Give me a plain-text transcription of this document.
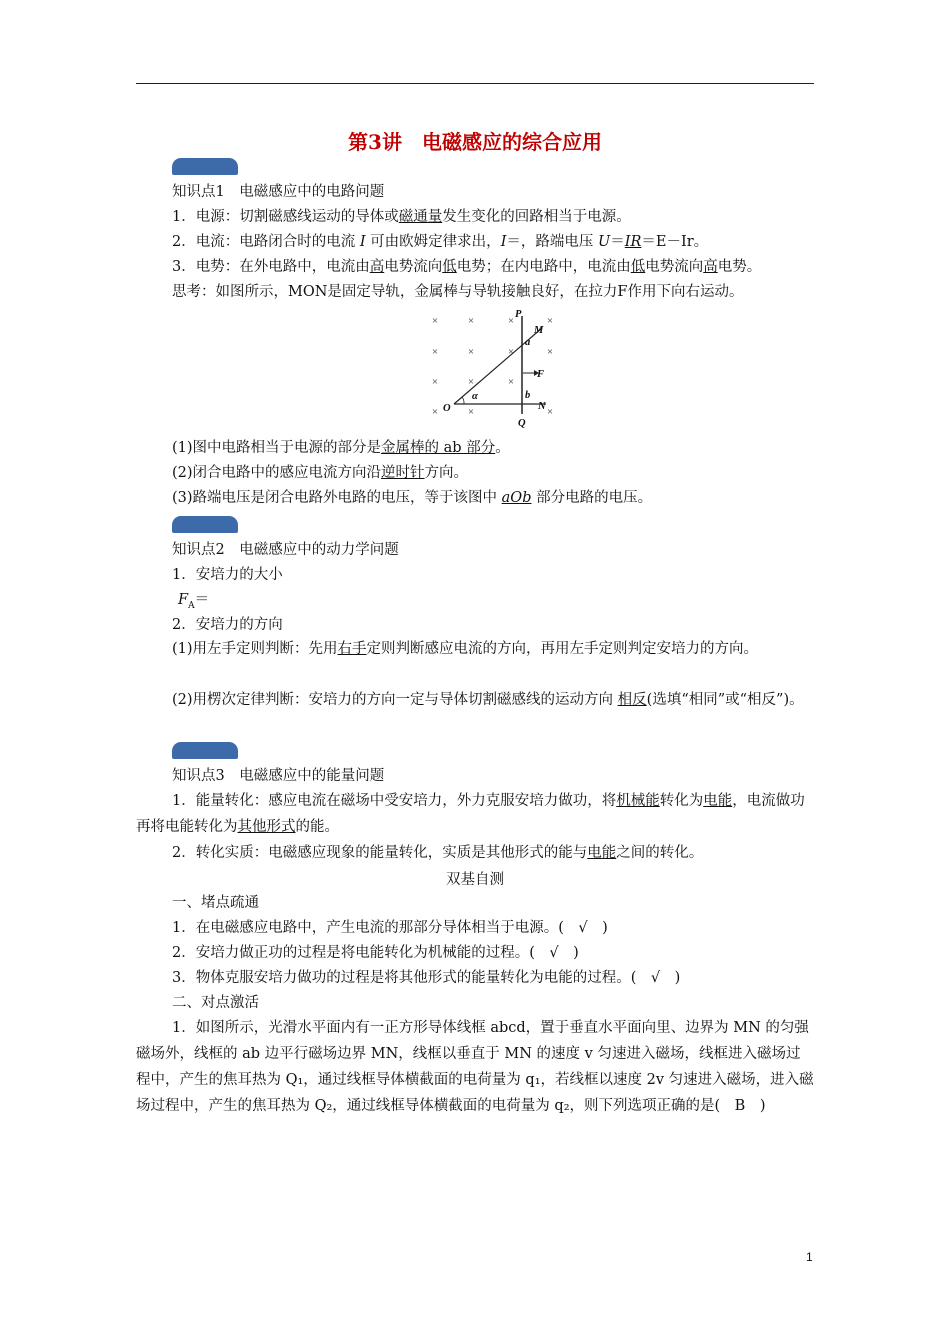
第3讲　电磁感应的综合应用
知识点1　电磁感应中的电路问题
1．电源：切割磁感线运动的导体或磁通量发生变化的回路相当于电源。
2．电流：电路闭合时的电流 I 可由欧姆定律求出，I＝，路端电压 U＝IR＝E－Ir。
3．电势：在外电路中，电流由高电势流向低电势；在内电路中，电流由低电势流向高电势。
思考：如图所示，MON是固定导轨，金属棒与导轨接触良好，在拉力F作用下向右运动。
×	×	×	×
×	×	×	×
×	×	×
×	×	×
P
M
a
F
α	b
O	N
Q
(1)图中电路相当于电源的部分是金属棒的 ab 部分。
(2)闭合电路中的感应电流方向沿逆时针方向。
(3)路端电压是闭合电路外电路的电压，等于该图中 aOb 部分电路的电压。
知识点2　电磁感应中的动力学问题
1．安培力的大小
$F_A=$
2．安培力的方向
(1)用左手定则判断：先用右手定则判断感应电流的方向，再用左手定则判定安培力的方向。
(2)用楞次定律判断：安培力的方向一定与导体切割磁感线的运动方向 相反(选填“相同”或“相反”)。
知识点3　电磁感应中的能量问题
1．能量转化：感应电流在磁场中受安培力，外力克服安培力做功，将机械能转化为电能，电流做功再将电能转化为其他形式的能。
2．转化实质：电磁感应现象的能量转化，实质是其他形式的能与电能之间的转化。
双基自测
一、堵点疏通
1．在电磁感应电路中，产生电流的那部分导体相当于电源。(　√　)
2．安培力做正功的过程是将电能转化为机械能的过程。(　√　)
3．物体克服安培力做功的过程是将其他形式的能量转化为电能的过程。(　√　)
二、对点激活
1．如图所示，光滑水平面内有一正方形导体线框 abcd，置于垂直水平面向里、边界为 MN 的匀强磁场外，线框的 ab 边平行磁场边界 MN，线框以垂直于 MN 的速度 v 匀速进入磁场，线框进入磁场过程中，产生的焦耳热为 Q₁，通过线框导体横截面的电荷量为 q₁，若线框以速度 2v 匀速进入磁场，进入磁场过程中，产生的焦耳热为 Q₂，通过线框导体横截面的电荷量为 q₂，则下列选项正确的是(　B　)
1
